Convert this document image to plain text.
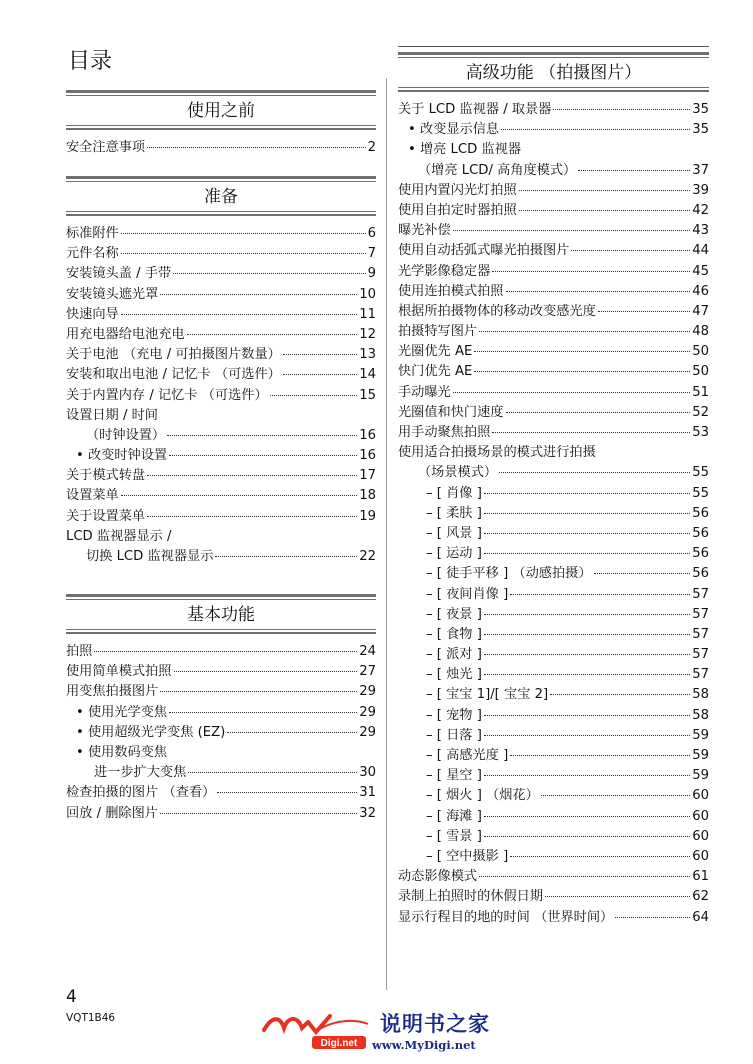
目录
使用之前
安全注意事项	2
准备
标准附件	6
元件名称	7
安装镜头盖 / 手带	9
安装镜头遮光罩	10
快速向导	11
用充电器给电池充电	12
关于电池 （充电 / 可拍摄图片数量）	13
安装和取出电池 / 记忆卡 （可选件）	14
关于内置内存 / 记忆卡 （可选件）	15
设置日期 / 时间
（时钟设置）	16
• 改变时钟设置	16
关于模式转盘	17
设置菜单	18
关于设置菜单	19
LCD 监视器显示 /
切换 LCD 监视器显示	22
基本功能
拍照	24
使用简单模式拍照	27
用变焦拍摄图片	29
• 使用光学变焦	29
• 使用超级光学变焦 (EZ)	29
• 使用数码变焦
进一步扩大变焦	30
检查拍摄的图片 （查看）	31
回放 / 删除图片	32
高级功能 （拍摄图片）
关于 LCD 监视器 / 取景器	35
• 改变显示信息	35
• 增亮 LCD 监视器
（增亮 LCD/ 高角度模式）	37
使用内置闪光灯拍照	39
使用自拍定时器拍照	42
曝光补偿	43
使用自动括弧式曝光拍摄图片	44
光学影像稳定器	45
使用连拍模式拍照	46
根据所拍摄物体的移动改变感光度	47
拍摄特写图片	48
光圈优先 AE	50
快门优先 AE	50
手动曝光	51
光圈值和快门速度	52
用手动聚焦拍照	53
使用适合拍摄场景的模式进行拍摄
（场景模式）	55
– [ 肖像 ]	55
– [ 柔肤 ]	56
– [ 风景 ]	56
– [ 运动 ]	56
– [ 徒手平移 ] （动感拍摄）	56
– [ 夜间肖像 ]	57
– [ 夜景 ]	57
– [ 食物 ]	57
– [ 派对 ]	57
– [ 烛光 ]	57
– [ 宝宝 1]/[ 宝宝 2]	58
– [ 宠物 ]	58
– [ 日落 ]	59
– [ 高感光度 ]	59
– [ 星空 ]	59
– [ 烟火 ] （烟花）	60
– [ 海滩 ]	60
– [ 雪景 ]	60
– [ 空中摄影 ]	60
动态影像模式	61
录制上拍照时的休假日期	62
显示行程目的地的时间 （世界时间）	64
4
VQT1B46
Digi.net
说明书之家
www.MyDigi.net
